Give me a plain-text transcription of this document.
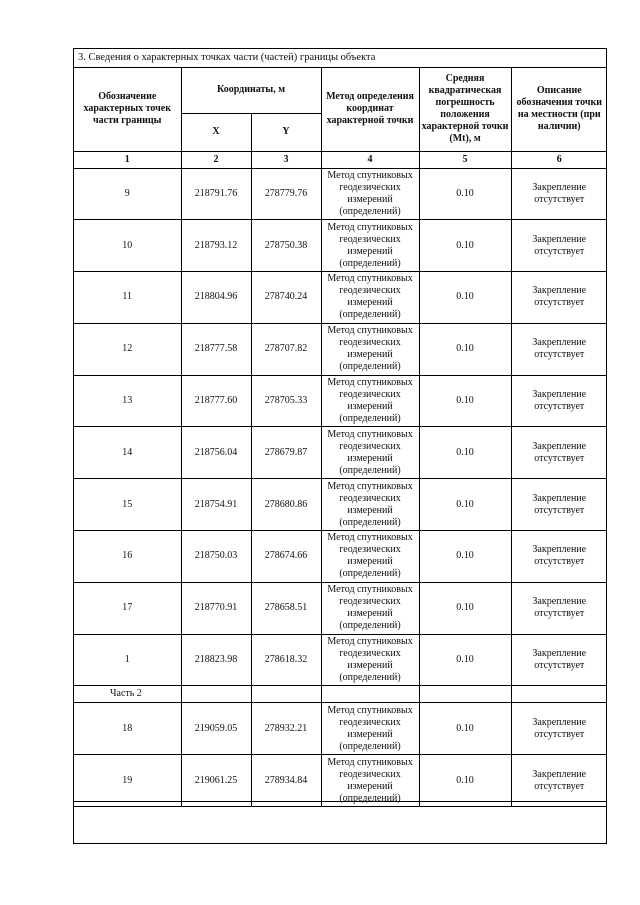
3. Сведения о характерных точках части (частей) границы объекта
Обозначение характерных точек части границы	Координаты, м		Метод определения координат характерной точки	Средняя квадратическая погрешность положения характерной точки (Mt), м	Описание обозначения точки на местности (при наличии)
	X	Y			
1	2	3	4	5	6
9	218791.76	278779.76	Метод спутниковых геодезических измерений (определений)	0.10	Закрепление отсутствует
10	218793.12	278750.38	Метод спутниковых геодезических измерений (определений)	0.10	Закрепление отсутствует
11	218804.96	278740.24	Метод спутниковых геодезических измерений (определений)	0.10	Закрепление отсутствует
12	218777.58	278707.82	Метод спутниковых геодезических измерений (определений)	0.10	Закрепление отсутствует
13	218777.60	278705.33	Метод спутниковых геодезических измерений (определений)	0.10	Закрепление отсутствует
14	218756.04	278679.87	Метод спутниковых геодезических измерений (определений)	0.10	Закрепление отсутствует
15	218754.91	278680.86	Метод спутниковых геодезических измерений (определений)	0.10	Закрепление отсутствует
16	218750.03	278674.66	Метод спутниковых геодезических измерений (определений)	0.10	Закрепление отсутствует
17	218770.91	278658.51	Метод спутниковых геодезических измерений (определений)	0.10	Закрепление отсутствует
1	218823.98	278618.32	Метод спутниковых геодезических измерений (определений)	0.10	Закрепление отсутствует
Часть 2					
18	219059.05	278932.21	Метод спутниковых геодезических измерений (определений)	0.10	Закрепление отсутствует
19	219061.25	278934.84	Метод спутниковых геодезических измерений (определений)	0.10	Закрепление отсутствует
